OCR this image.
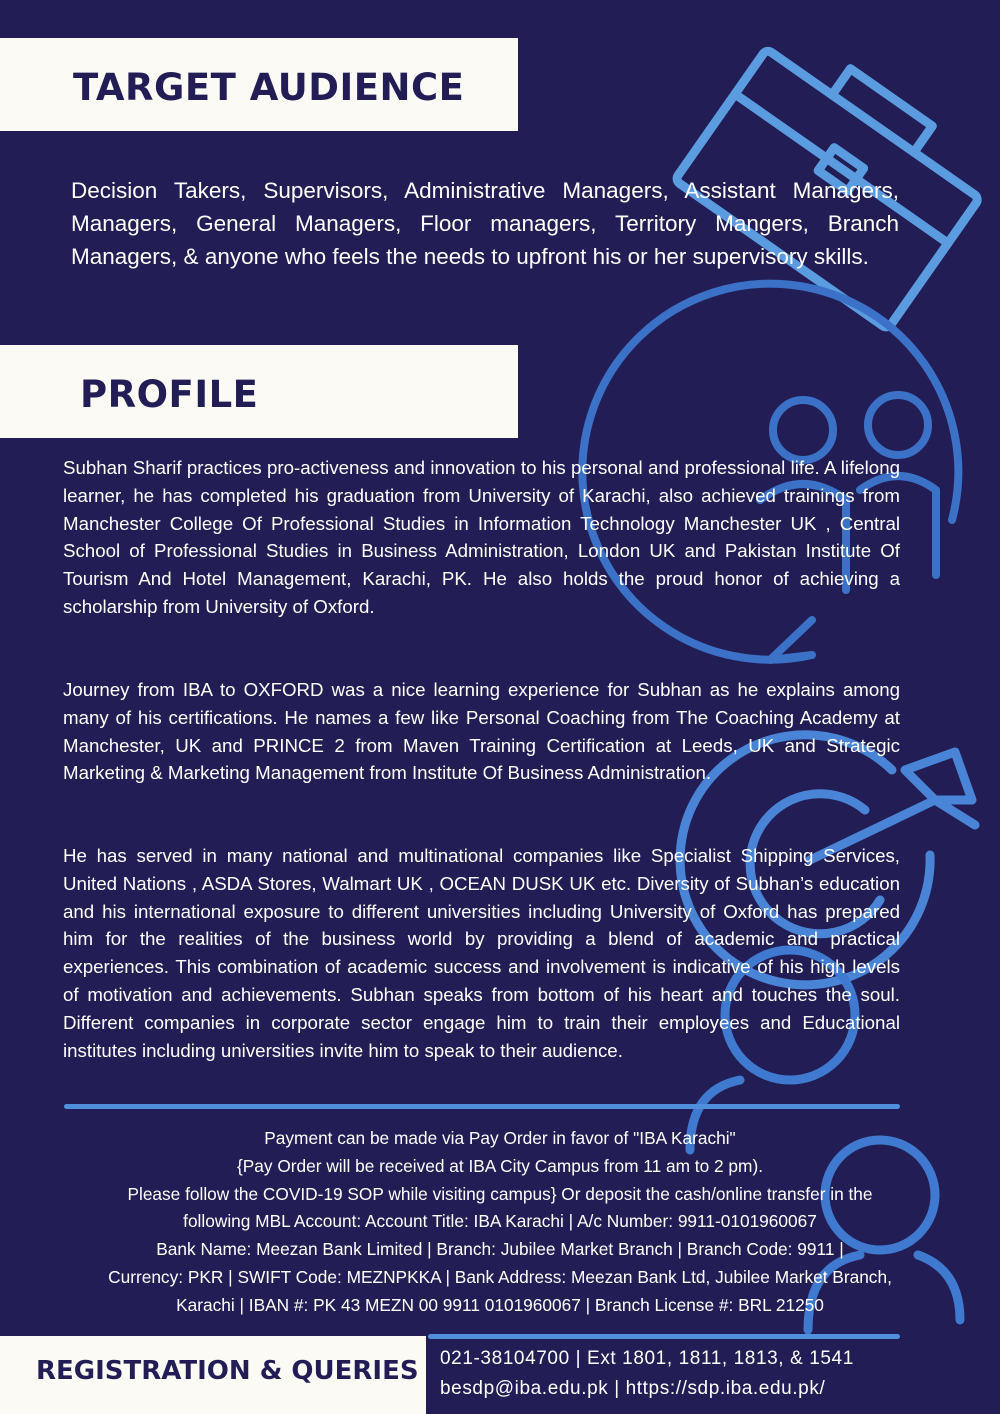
TARGET AUDIENCE

Decision Takers, Supervisors, Administrative Managers, Assistant Managers, Managers, General Managers, Floor managers, Territory Mangers, Branch Managers, & anyone who feels the needs to upfront his or her supervisory skills.

PROFILE

Subhan Sharif practices pro-activeness and innovation to his personal and professional life. A lifelong learner, he has completed his graduation from University of Karachi, also achieved trainings from Manchester College Of Professional Studies in Information Technology Manchester UK , Central School of Professional Studies in Business Administration, London UK and Pakistan Institute Of Tourism And Hotel Management, Karachi, PK. He also holds the proud honor of achieving a scholarship from University of Oxford.

Journey from IBA to OXFORD was a nice learning experience for Subhan as he explains among many of his certifications. He names a few like Personal Coaching from The Coaching Academy at Manchester, UK and PRINCE 2 from Maven Training Certification at Leeds, UK and Strategic Marketing & Marketing Management from Institute Of Business Administration.

He has served in many national and multinational companies like Specialist Shipping Services, United Nations , ASDA Stores, Walmart UK , OCEAN DUSK UK etc. Diversity of Subhan’s education and his international exposure to different universities including University of Oxford has prepared him for the realities of the business world by providing a blend of academic and practical experiences. This combination of academic success and involvement is indicative of his high levels of motivation and achievements. Subhan speaks from bottom of his heart and touches the soul. Different companies in corporate sector engage him to train their employees and Educational institutes including universities invite him to speak to their audience.

Payment can be made via Pay Order in favor of "IBA Karachi"
{Pay Order will be received at IBA City Campus from 11 am to 2 pm).
Please follow the COVID-19 SOP while visiting campus} Or deposit the cash/online transfer in the
following MBL Account: Account Title: IBA Karachi | A/c Number: 9911-0101960067
Bank Name: Meezan Bank Limited | Branch: Jubilee Market Branch | Branch Code: 9911 |
Currency: PKR | SWIFT Code: MEZNPKKA | Bank Address: Meezan Bank Ltd, Jubilee Market Branch,
Karachi | IBAN #: PK 43 MEZN 00 9911 0101960067 | Branch License #: BRL 21250
REGISTRATION & QUERIES 021-38104700 | Ext 1801, 1811, 1813, & 1541
besdp@iba.edu.pk | https://sdp.iba.edu.pk/
